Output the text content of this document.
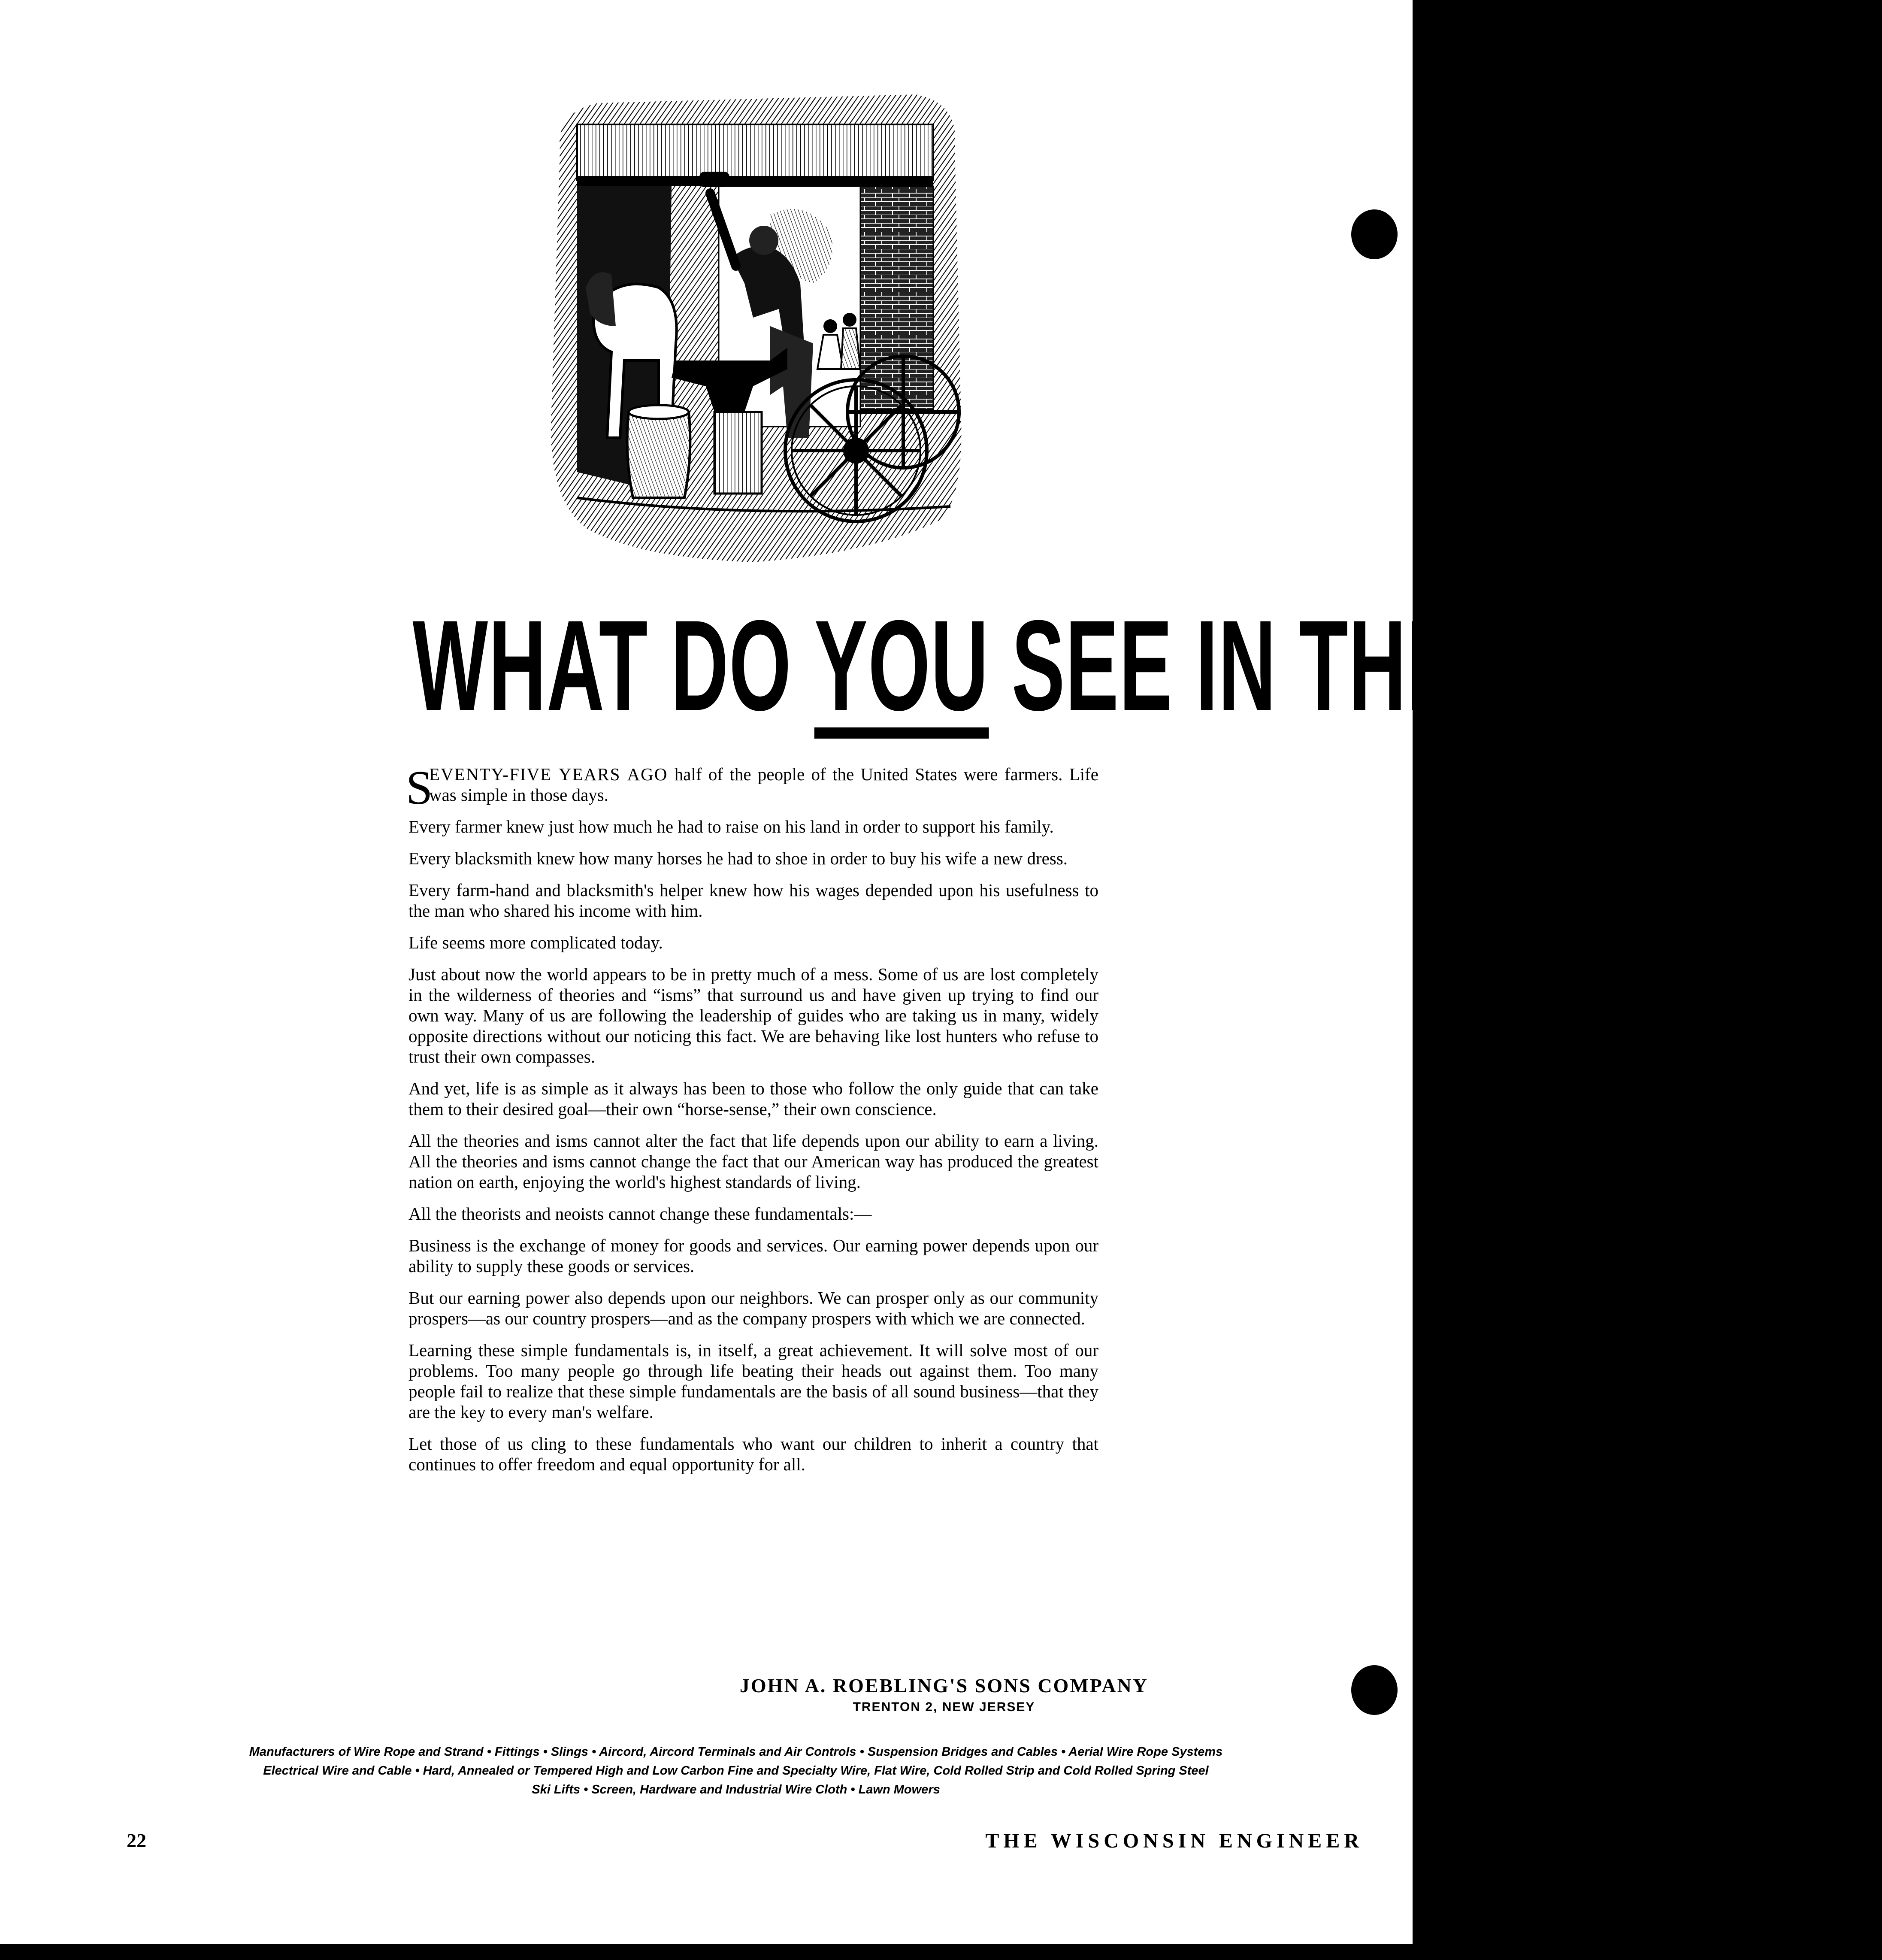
WHAT DO YOU SEE IN THE FUTURE ?

S
EVENTY-FIVE YEARS AGO half of the people of the United States were farmers. Life was simple in those days.

Every farmer knew just how much he had to raise on his land in order to support his family.

Every blacksmith knew how many horses he had to shoe in order to buy his wife a new dress.

Every farm-hand and blacksmith's helper knew how his wages depended upon his usefulness to the man who shared his income with him.

Life seems more complicated today.

Just about now the world appears to be in pretty much of a mess. Some of us are lost completely in the wilderness of theories and “isms” that surround us and have given up trying to find our own way. Many of us are following the leadership of guides who are taking us in many, widely opposite directions without our noticing this fact. We are behaving like lost hunters who refuse to trust their own compasses.

And yet, life is as simple as it always has been to those who follow the only guide that can take them to their desired goal—their own “horse-sense,” their own conscience.

All the theories and isms cannot alter the fact that life depends upon our ability to earn a living. All the theories and isms cannot change the fact that our American way has produced the greatest nation on earth, enjoying the world's highest standards of living.

All the theorists and neoists cannot change these fundamentals:—

Business is the exchange of money for goods and services. Our earning power depends upon our ability to supply these goods or services.

But our earning power also depends upon our neighbors. We can prosper only as our community prospers—as our country prospers—and as the company prospers with which we are connected.

Learning these simple fundamentals is, in itself, a great achievement. It will solve most of our problems. Too many people go through life beating their heads out against them. Too many people fail to realize that these simple fundamentals are the basis of all sound business—that they are the key to every man's welfare.

Let those of us cling to these fundamentals who want our children to inherit a country that continues to offer freedom and equal opportunity for all.

JOHN A. ROEBLING'S SONS COMPANY
TRENTON 2, NEW JERSEY
Manufacturers of Wire Rope and Strand • Fittings • Slings • Aircord, Aircord Terminals and Air Controls • Suspension Bridges and Cables • Aerial Wire Rope Systems
Electrical Wire and Cable • Hard, Annealed or Tempered High and Low Carbon Fine and Specialty Wire, Flat Wire, Cold Rolled Strip and Cold Rolled Spring Steel
Ski Lifts • Screen, Hardware and Industrial Wire Cloth • Lawn Mowers
22	THE WISCONSIN ENGINEER
